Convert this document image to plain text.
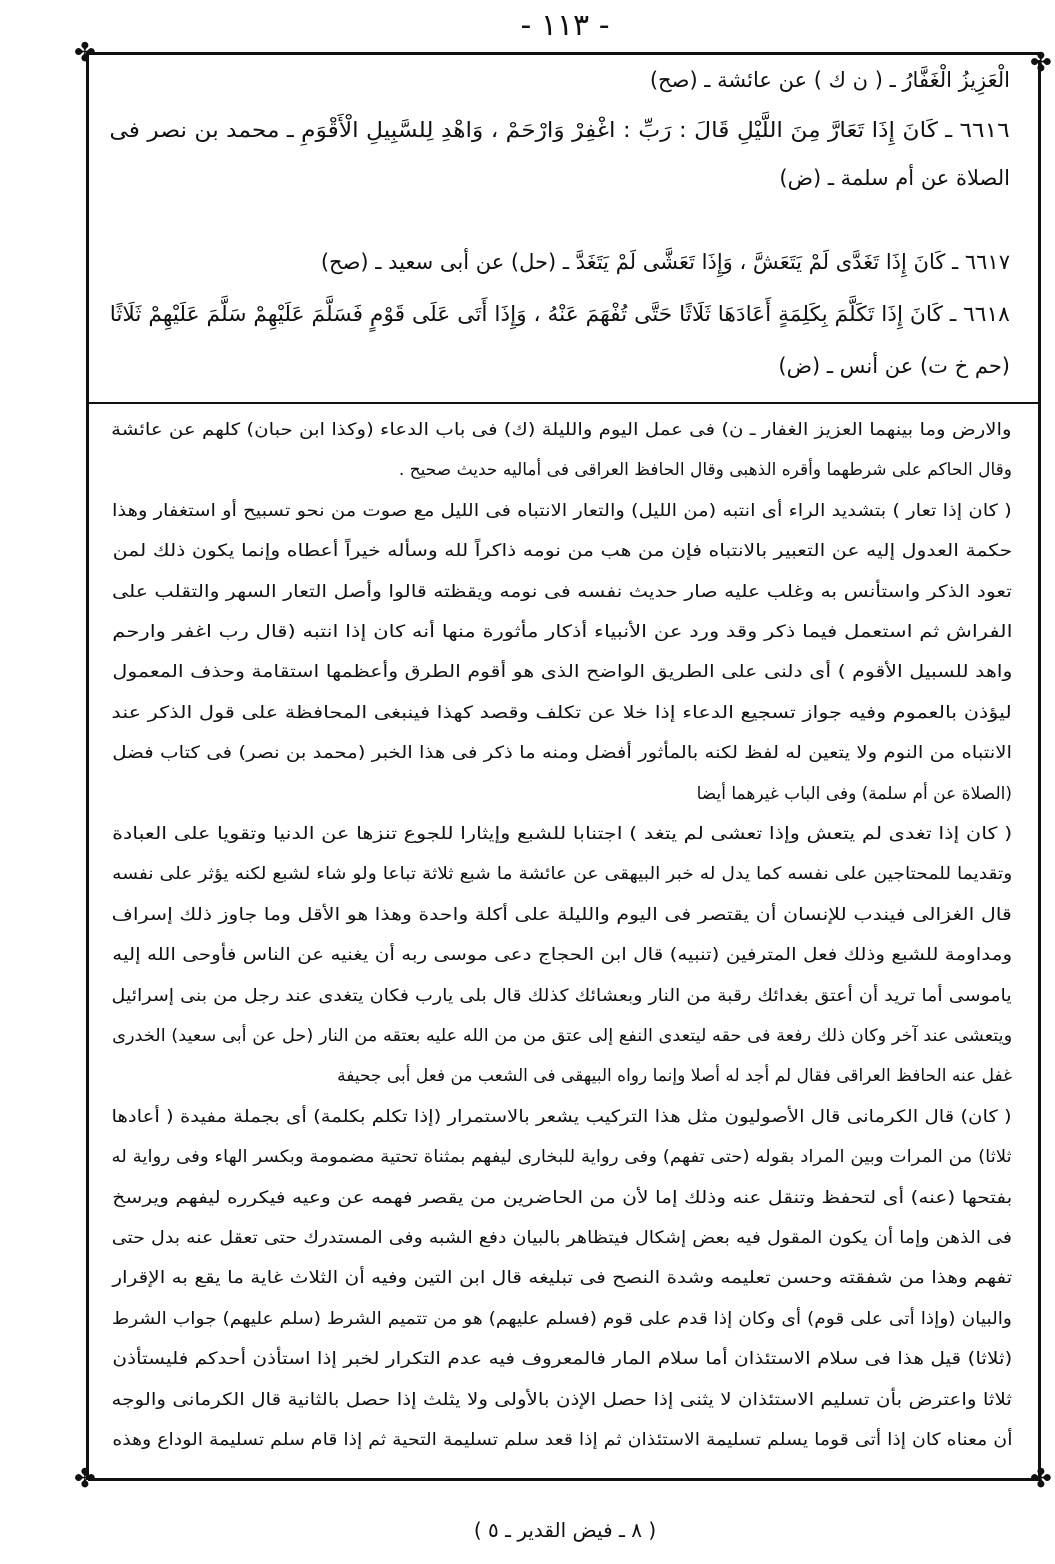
- ١١٣ -
✤	✤
✤	✤
الْعَزِيزُ الْغَفَّارُ ـ ( ن ك ) عن عائشة ـ (صح)
٦٦١٦ ـ كَانَ إِذَا تَعَارَّ مِنَ اللَّيْلِ قَالَ : رَبِّ : اغْفِرْ وَارْحَمْ ، وَاهْدِ لِلسَّبِيلِ الْأَقْوَمِ ـ محمد بن نصر فى
الصلاة عن أم سلمة ـ (ض)
٦٦١٧ ـ كَانَ إِذَا تَغَدَّى لَمْ يَتَعَشَّ ، وَإِذَا تَعَشَّى لَمْ يَتَغَدَّ ـ (حل) عن أبى سعيد ـ (صح)
٦٦١٨ ـ كَانَ إِذَا تَكَلَّمَ بِكَلِمَةٍ أَعَادَهَا ثَلَاثًا حَتَّى تُفْهَمَ عَنْهُ ، وَإِذَا أَتَى عَلَى قَوْمٍ فَسَلَّمَ عَلَيْهِمْ سَلَّمَ عَلَيْهِمْ ثَلَاثًا
(حم خ ت) عن أنس ـ (ض)
والارض وما بينهما العزيز الغفار ـ ن) فى عمل اليوم والليلة (ك) فى باب الدعاء (وكذا ابن حبان) كلهم عن عائشة
وقال الحاكم على شرطهما وأقره الذهبى وقال الحافظ العراقى فى أماليه حديث صحيح .
( كان إذا تعار ) بتشديد الراء أى انتبه (من الليل) والتعار الانتباه فى الليل مع صوت من نحو تسبيح أو استغفار وهذا
حكمة العدول إليه عن التعبير بالانتباه فإن من هب من نومه ذاكراً لله وسأله خيراً أعطاه وإنما يكون ذلك لمن
تعود الذكر واستأنس به وغلب عليه صار حديث نفسه فى نومه ويقظته قالوا وأصل التعار السهر والتقلب على
الفراش ثم استعمل فيما ذكر وقد ورد عن الأنبياء أذكار مأثورة منها أنه كان إذا انتبه (قال رب اغفر وارحم
واهد للسبيل الأقوم ) أى دلنى على الطريق الواضح الذى هو أقوم الطرق وأعظمها استقامة وحذف المعمول
ليؤذن بالعموم وفيه جواز تسجيع الدعاء إذا خلا عن تكلف وقصد كهذا فينبغى المحافظة على قول الذكر عند
الانتباه من النوم ولا يتعين له لفظ لكنه بالمأثور أفضل ومنه ما ذكر فى هذا الخبر (محمد بن نصر) فى كتاب فضل
(الصلاة عن أم سلمة) وفى الباب غيرهما أيضا
( كان إذا تغدى لم يتعش وإذا تعشى لم يتغد ) اجتنابا للشبع وإيثارا للجوع تنزها عن الدنيا وتقويا على العبادة
وتقديما للمحتاجين على نفسه كما يدل له خبر البيهقى عن عائشة ما شبع ثلاثة تباعا ولو شاء لشبع لكنه يؤثر على نفسه
قال الغزالى فيندب للإنسان أن يقتصر فى اليوم والليلة على أكلة واحدة وهذا هو الأقل وما جاوز ذلك إسراف
ومداومة للشبع وذلك فعل المترفين (تنبيه) قال ابن الحجاج دعى موسى ربه أن يغنيه عن الناس فأوحى الله إليه
ياموسى أما تريد أن أعتق بغدائك رقبة من النار وبعشائك كذلك قال بلى يارب فكان يتغدى عند رجل من بنى إسرائيل
ويتعشى عند آخر وكان ذلك رفعة فى حقه ليتعدى النفع إلى عتق من من الله عليه بعتقه من النار (حل عن أبى سعيد) الخدرى
غفل عنه الحافظ العراقى فقال لم أجد له أصلا وإنما رواه البيهقى فى الشعب من فعل أبى جحيفة
( كان) قال الكرمانى قال الأصوليون مثل هذا التركيب يشعر بالاستمرار (إذا تكلم بكلمة) أى بجملة مفيدة ( أعادها
ثلاثا) من المرات وبين المراد بقوله (حتى تفهم) وفى رواية للبخارى ليفهم بمثناة تحتية مضمومة وبكسر الهاء وفى رواية له
بفتحها (عنه) أى لتحفظ وتنقل عنه وذلك إما لأن من الحاضرين من يقصر فهمه عن وعيه فيكرره ليفهم ويرسخ
فى الذهن وإما أن يكون المقول فيه بعض إشكال فيتظاهر بالبيان دفع الشبه وفى المستدرك حتى تعقل عنه بدل حتى
تفهم وهذا من شفقته وحسن تعليمه وشدة النصح فى تبليغه قال ابن التين وفيه أن الثلاث غاية ما يقع به الإقرار
والبيان (وإذا أتى على قوم) أى وكان إذا قدم على قوم (فسلم عليهم) هو من تتميم الشرط (سلم عليهم) جواب الشرط
(ثلاثا) قيل هذا فى سلام الاستئذان أما سلام المار فالمعروف فيه عدم التكرار لخبر إذا استأذن أحدكم فليستأذن
ثلاثا واعترض بأن تسليم الاستئذان لا يثنى إذا حصل الإذن بالأولى ولا يثلث إذا حصل بالثانية قال الكرمانى والوجه
أن معناه كان إذا أتى قوما يسلم تسليمة الاستئذان ثم إذا قعد سلم تسليمة التحية ثم إذا قام سلم تسليمة الوداع وهذه
( ٨ ـ فيض القدير ـ ٥ )
